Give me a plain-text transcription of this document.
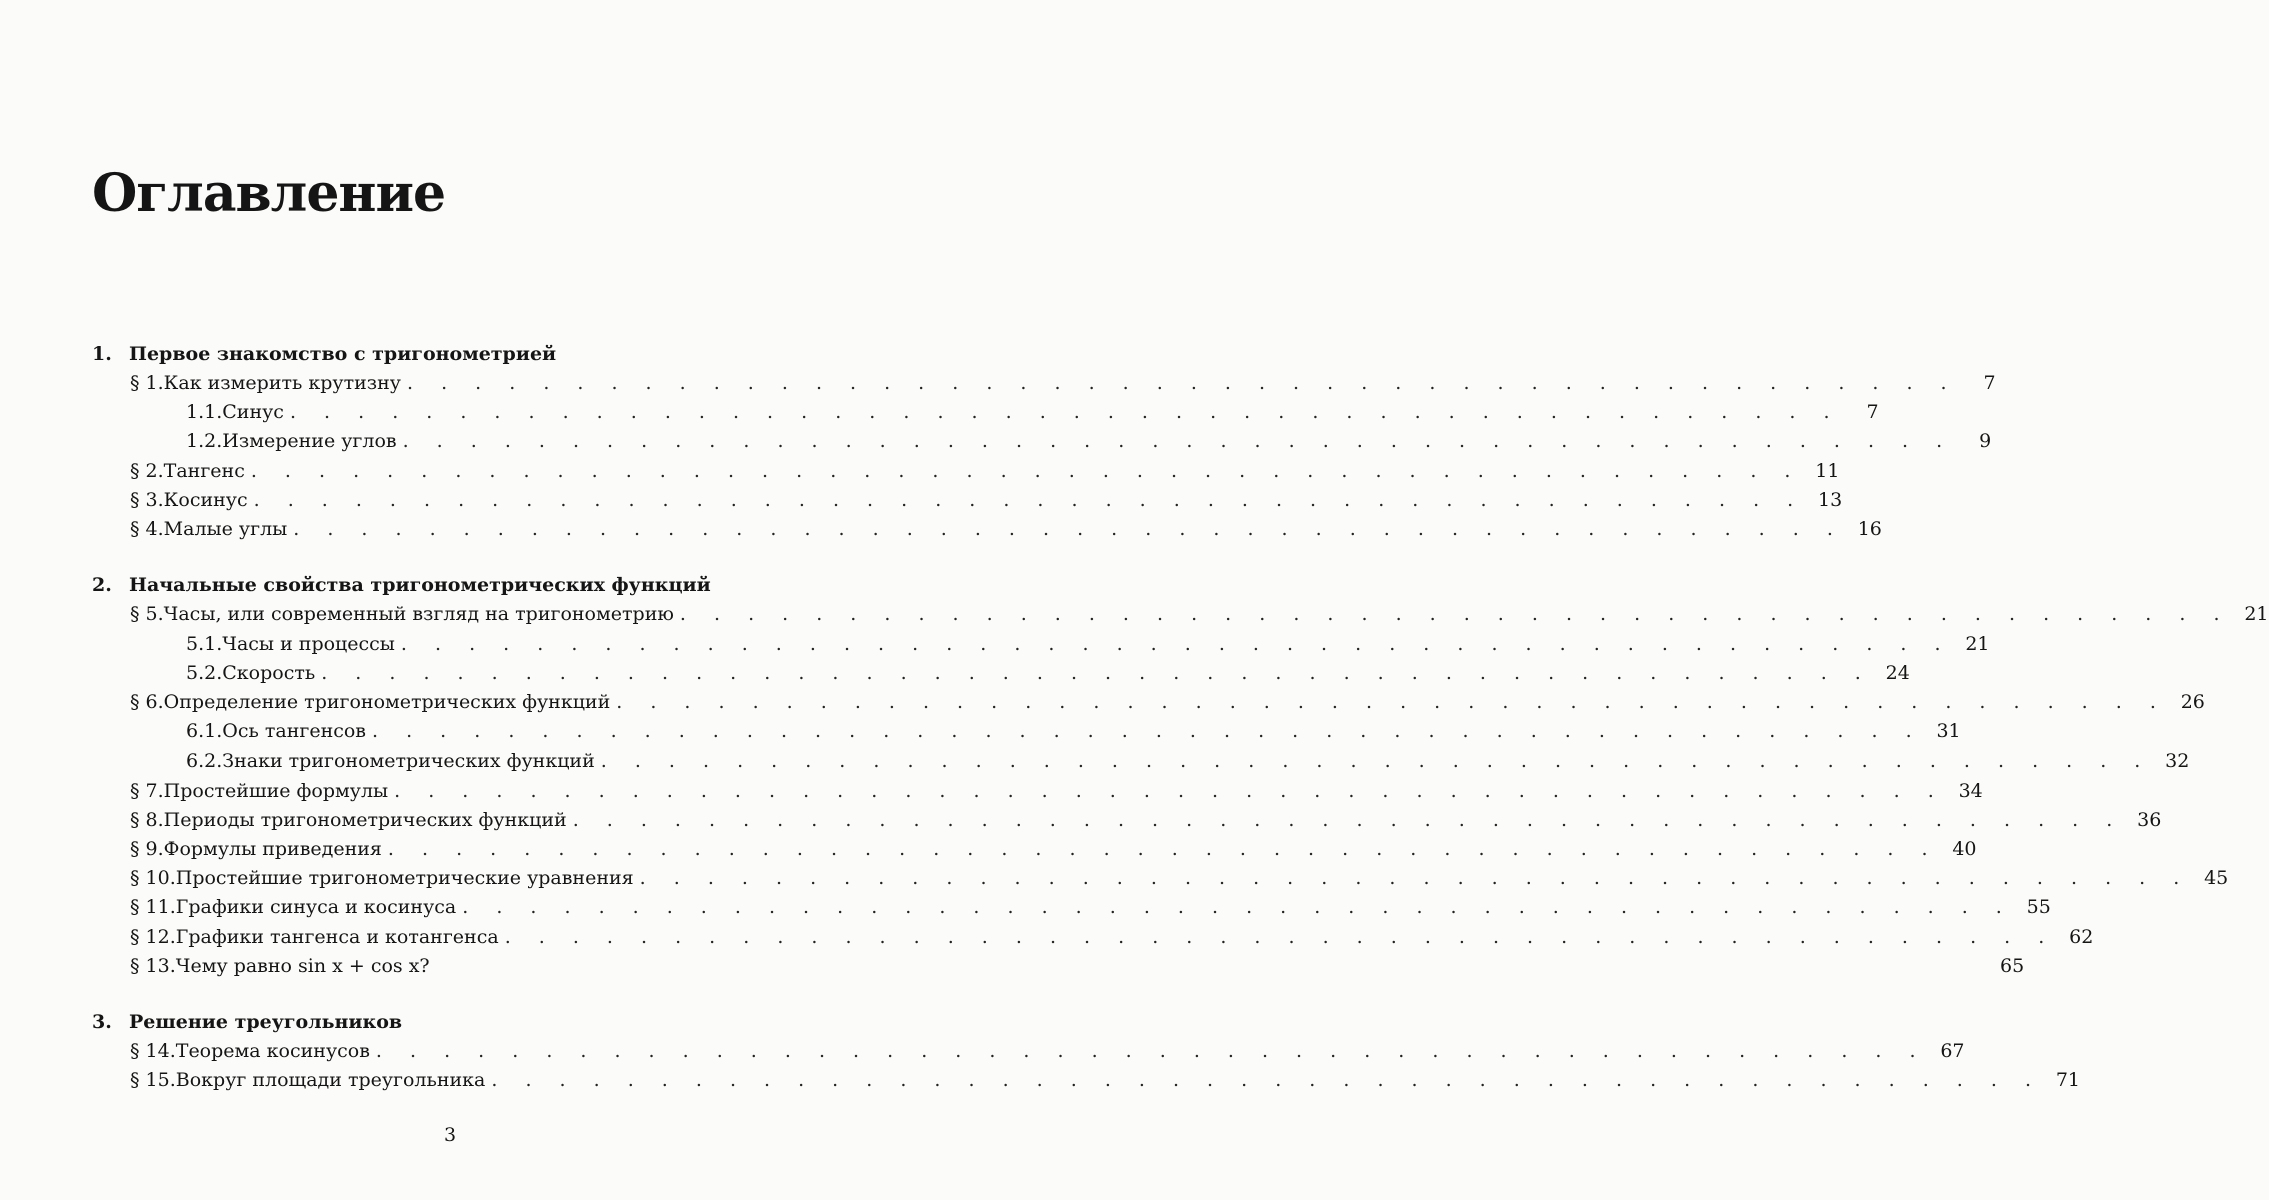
Оглавление
1. Первое знакомство с тригонометрией
§ 1. Как измерить крутизну . . . . . . . . . . . . . . . . . . . . . . . . . . . . . . . . . . . . . . . . . . . . . .	7
1.1. Синус . . . . . . . . . . . . . . . . . . . . . . . . . . . . . . . . . . . . . . . . . . . . . .	7
1.2. Измерение углов . . . . . . . . . . . . . . . . . . . . . . . . . . . . . . . . . . . . . . . . . . . . . .	9
§ 2. Тангенс . . . . . . . . . . . . . . . . . . . . . . . . . . . . . . . . . . . . . . . . . . . . . . 11
§ 3. Косинус . . . . . . . . . . . . . . . . . . . . . . . . . . . . . . . . . . . . . . . . . . . . . . 13
§ 4. Малые углы . . . . . . . . . . . . . . . . . . . . . . . . . . . . . . . . . . . . . . . . . . . . . . 16
2. Начальные свойства тригонометрических функций
§ 5. Часы, или современный взгляд на тригонометрию . . . . . . . . . . . . . . . . . . . . . . . . . . . . . . . . . . . . . . . . . . . . . . 21
5.1. Часы и процессы . . . . . . . . . . . . . . . . . . . . . . . . . . . . . . . . . . . . . . . . . . . . . . 21
5.2. Скорость . . . . . . . . . . . . . . . . . . . . . . . . . . . . . . . . . . . . . . . . . . . . . . 24
§ 6. Определение тригонометрических функций . . . . . . . . . . . . . . . . . . . . . . . . . . . . . . . . . . . . . . . . . . . . . . 26
6.1. Ось тангенсов . . . . . . . . . . . . . . . . . . . . . . . . . . . . . . . . . . . . . . . . . . . . . . 31
6.2. Знаки тригонометрических функций . . . . . . . . . . . . . . . . . . . . . . . . . . . . . . . . . . . . . . . . . . . . . . 32
§ 7. Простейшие формулы . . . . . . . . . . . . . . . . . . . . . . . . . . . . . . . . . . . . . . . . . . . . . . 34
§ 8. Периоды тригонометрических функций . . . . . . . . . . . . . . . . . . . . . . . . . . . . . . . . . . . . . . . . . . . . . . 36
§ 9. Формулы приведения . . . . . . . . . . . . . . . . . . . . . . . . . . . . . . . . . . . . . . . . . . . . . . 40
§ 10. Простейшие тригонометрические уравнения . . . . . . . . . . . . . . . . . . . . . . . . . . . . . . . . . . . . . . . . . . . . . . 45
§ 11. Графики синуса и косинуса . . . . . . . . . . . . . . . . . . . . . . . . . . . . . . . . . . . . . . . . . . . . . . 55
§ 12. Графики тангенса и котангенса . . . . . . . . . . . . . . . . . . . . . . . . . . . . . . . . . . . . . . . . . . . . . . 62
§ 13. Чему равно sin x + cos x?	65
3. Решение треугольников
§ 14. Теорема косинусов . . . . . . . . . . . . . . . . . . . . . . . . . . . . . . . . . . . . . . . . . . . . . . 67
§ 15. Вокруг площади треугольника . . . . . . . . . . . . . . . . . . . . . . . . . . . . . . . . . . . . . . . . . . . . . . 71
3
